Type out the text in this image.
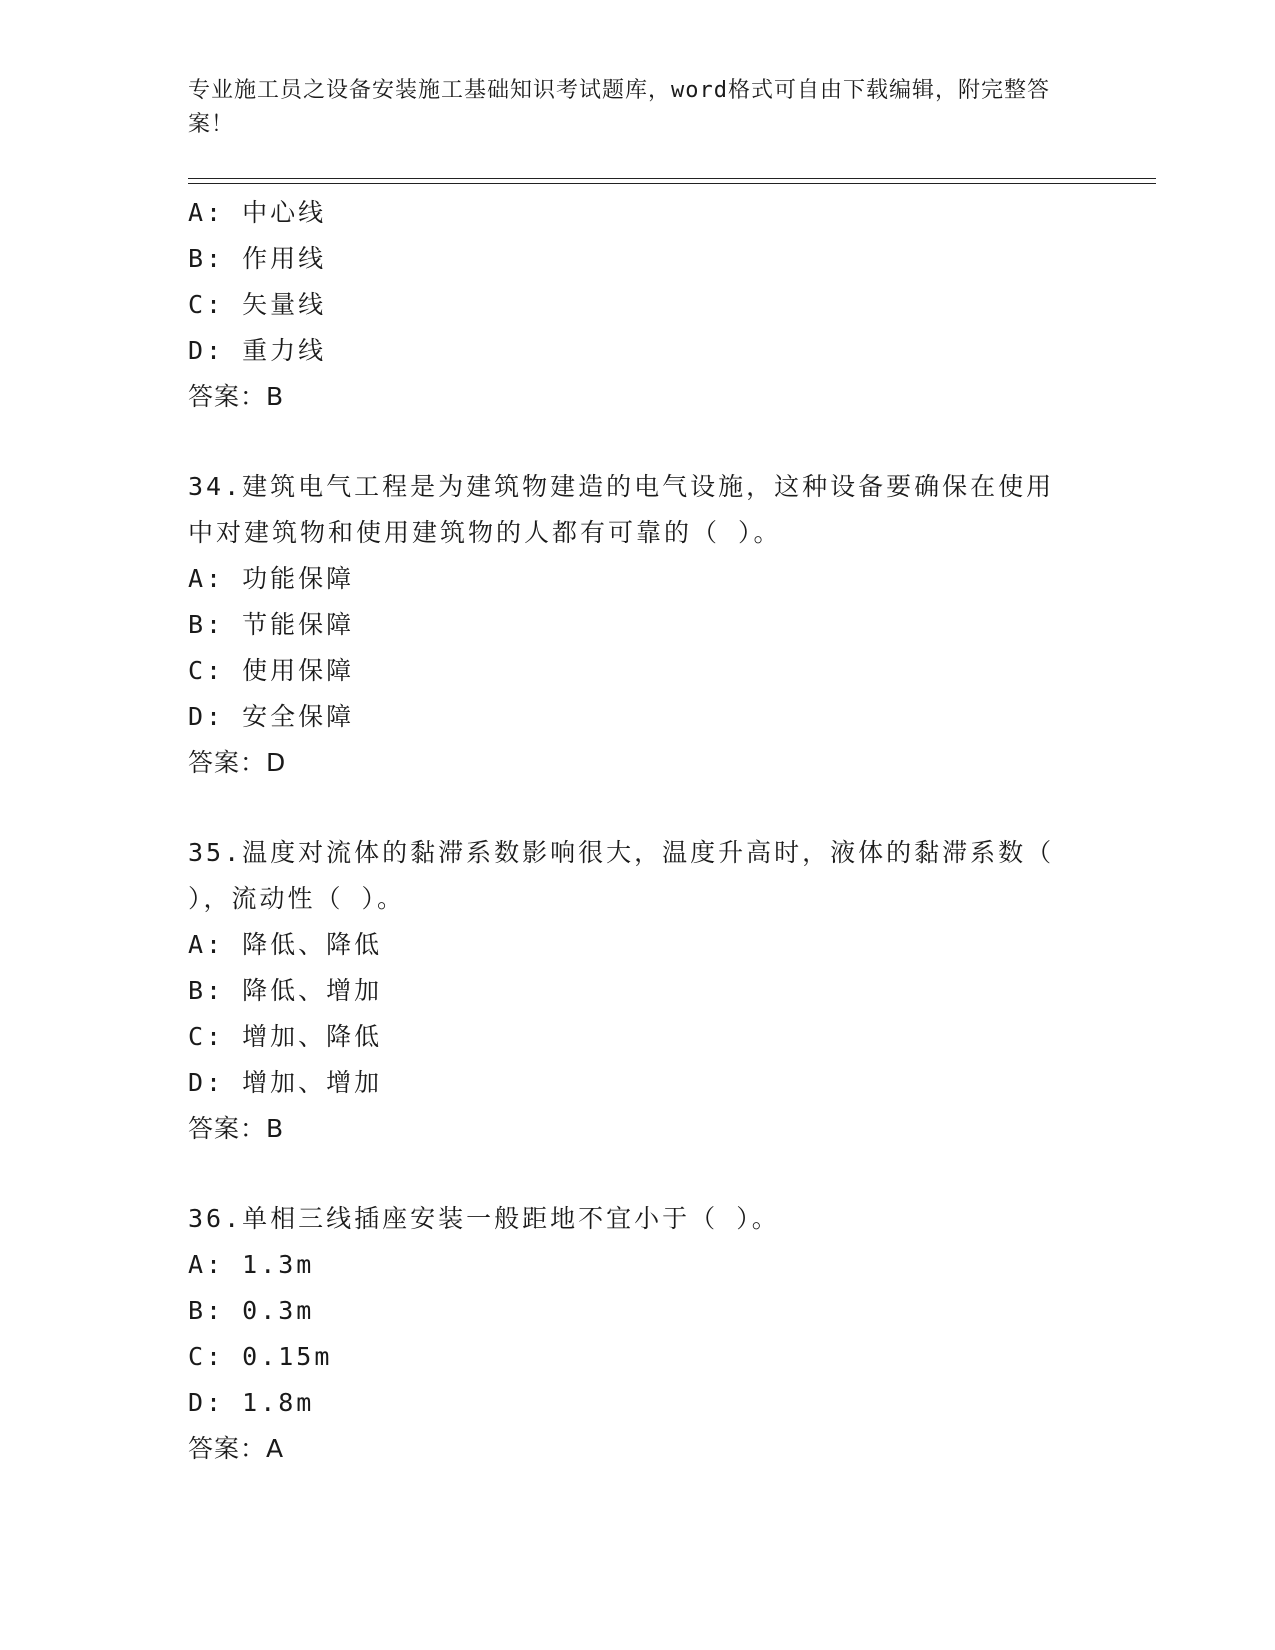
专业施工员之设备安装施工基础知识考试题库，word格式可自由下载编辑，附完整答案！
A: 中心线
B: 作用线
C: 矢量线
D: 重力线
答案：B
34.建筑电气工程是为建筑物建造的电气设施，这种设备要确保在使用中对建筑物和使用建筑物的人都有可靠的（ ）。
A: 功能保障
B: 节能保障
C: 使用保障
D: 安全保障
答案：D
35.温度对流体的黏滞系数影响很大，温度升高时，液体的黏滞系数（ ），流动性（ ）。
A: 降低、降低
B: 降低、增加
C: 增加、降低
D: 增加、增加
答案：B
36.单相三线插座安装一般距地不宜小于（ ）。
A: 1.3m
B: 0.3m
C: 0.15m
D: 1.8m
答案：A
